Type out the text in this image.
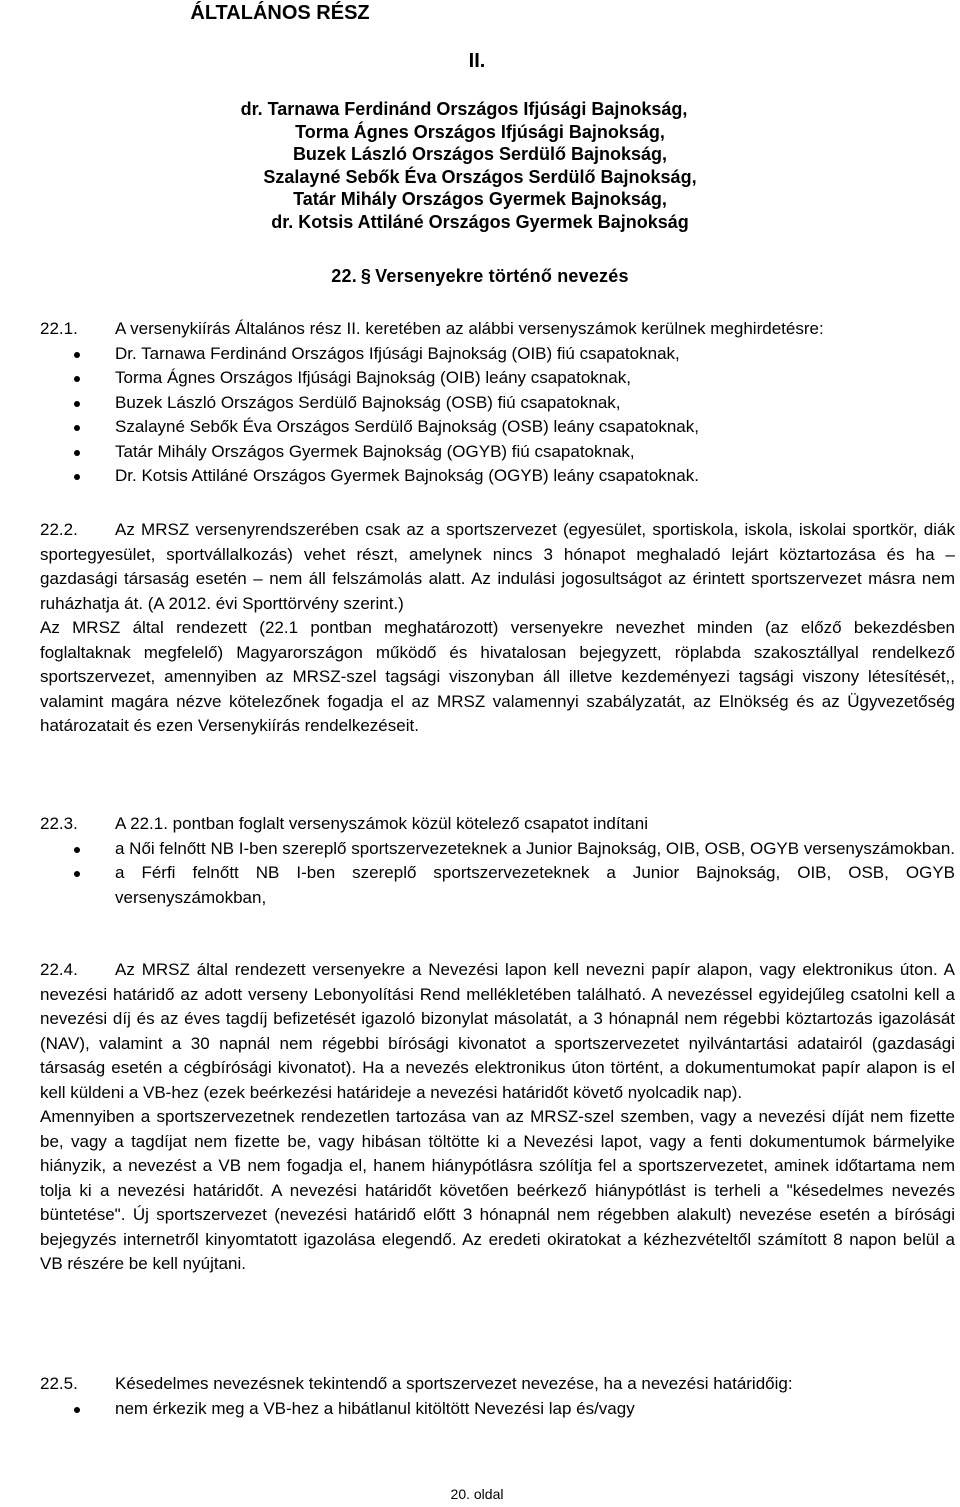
ÁLTALÁNOS RÉSZ
II.
dr. Tarnawa Ferdinánd Országos Ifjúsági Bajnokság,
Torma Ágnes Országos Ifjúsági Bajnokság,
Buzek László Országos Serdülő Bajnokság,
Szalayné Sebők Éva Országos Serdülő Bajnokság,
Tatár Mihály Országos Gyermek Bajnokság,
dr. Kotsis Attiláné Országos Gyermek Bajnokság
22. § Versenyekre történő nevezés
22.1.	A versenykiírás Általános rész II. keretében az alábbi versenyszámok kerülnek meghirdetésre:
Dr. Tarnawa Ferdinánd Országos Ifjúsági Bajnokság (OIB) fiú csapatoknak,
Torma Ágnes Országos Ifjúsági Bajnokság (OIB) leány csapatoknak,
Buzek László Országos Serdülő Bajnokság (OSB) fiú csapatoknak,
Szalayné Sebők Éva Országos Serdülő Bajnokság (OSB) leány csapatoknak,
Tatár Mihály Országos Gyermek Bajnokság (OGYB) fiú csapatoknak,
Dr. Kotsis Attiláné Országos Gyermek Bajnokság (OGYB) leány csapatoknak.
22.2. Az MRSZ versenyrendszerében csak az a sportszervezet (egyesület, sportiskola, iskola, iskolai sportkör, diák sportegyesület, sportvállalkozás) vehet részt, amelynek nincs 3 hónapot meghaladó lejárt köztartozása és ha – gazdasági társaság esetén – nem áll felszámolás alatt. Az indulási jogosultságot az érintett sportszervezet másra nem ruházhatja át. (A 2012. évi Sporttörvény szerint.)
Az MRSZ által rendezett (22.1 pontban meghatározott) versenyekre nevezhet minden (az előző bekezdésben foglaltaknak megfelelő) Magyarországon működő és hivatalosan bejegyzett, röplabda szakosztállyal rendelkező sportszervezet, amennyiben az MRSZ-szel tagsági viszonyban áll illetve kezdeményezi tagsági viszony létesítését,, valamint magára nézve kötelezőnek fogadja el az MRSZ valamennyi szabályzatát, az Elnökség és az Ügyvezetőség határozatait és ezen Versenykiírás rendelkezéseit.
22.3.	A 22.1. pontban foglalt versenyszámok közül kötelező csapatot indítani
a Női felnőtt NB I-ben szereplő sportszervezeteknek a Junior Bajnokság, OIB, OSB, OGYB versenyszámokban.
a Férfi felnőtt NB I-ben szereplő sportszervezeteknek a Junior Bajnokság, OIB, OSB, OGYB versenyszámokban,
22.4. Az MRSZ által rendezett versenyekre a Nevezési lapon kell nevezni papír alapon, vagy elektronikus úton. A nevezési határidő az adott verseny Lebonyolítási Rend mellékletében található. A nevezéssel egyidejűleg csatolni kell a nevezési díj és az éves tagdíj befizetését igazoló bizonylat másolatát, a 3 hónapnál nem régebbi köztartozás igazolását (NAV), valamint a 30 napnál nem régebbi bírósági kivonatot a sportszervezetet nyilvántartási adatairól (gazdasági társaság esetén a cégbírósági kivonatot). Ha a nevezés elektronikus úton történt, a dokumentumokat papír alapon is el kell küldeni a VB-hez (ezek beérkezési határideje a nevezési határidőt követő nyolcadik nap).
Amennyiben a sportszervezetnek rendezetlen tartozása van az MRSZ-szel szemben, vagy a nevezési díját nem fizette be, vagy a tagdíjat nem fizette be, vagy hibásan töltötte ki a Nevezési lapot, vagy a fenti dokumentumok bármelyike hiányzik, a nevezést a VB nem fogadja el, hanem hiánypótlásra szólítja fel a sportszervezetet, aminek időtartama nem tolja ki a nevezési határidőt. A nevezési határidőt követően beérkező hiánypótlást is terheli a "késedelmes nevezés büntetése". Új sportszervezet (nevezési határidő előtt 3 hónapnál nem régebben alakult) nevezése esetén a bírósági bejegyzés internetről kinyomtatott igazolása elegendő. Az eredeti okiratokat a kézhezvételtől számított 8 napon belül a VB részére be kell nyújtani.
22.5.	Késedelmes nevezésnek tekintendő a sportszervezet nevezése, ha a nevezési határidőig:
nem érkezik meg a VB-hez a hibátlanul kitöltött Nevezési lap és/vagy
20. oldal
